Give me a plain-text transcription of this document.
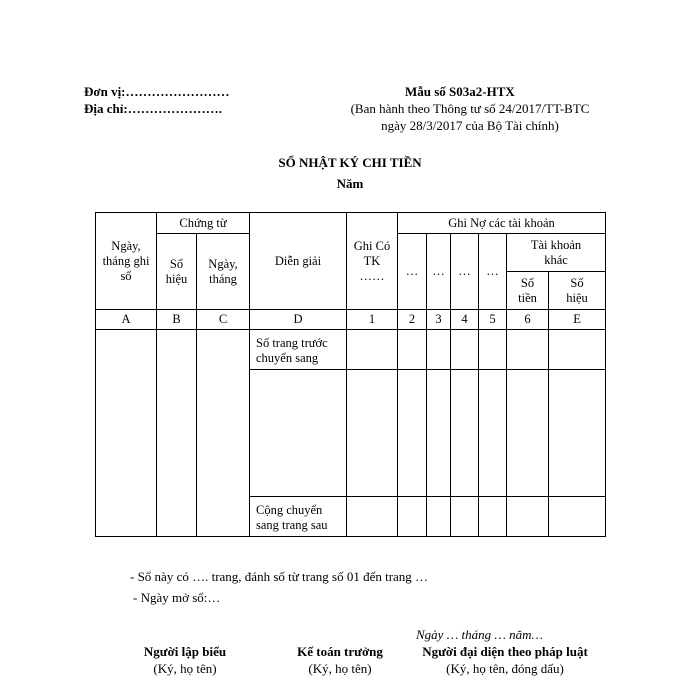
Đơn vị:……………………
Địa chỉ:………………….
Mẫu số S03a2-HTX
(Ban hành theo Thông tư số 24/2017/TT-BTC
ngày 28/3/2017 của Bộ Tài chính)
SỔ NHẬT KÝ CHI TIỀN
Năm
Ngày, tháng ghi sổ	Chứng từ		Diễn giải	Ghi Có TK ……	Ghi Nợ các tài khoản					
	Số hiệu	Ngày, tháng			…	…	…	…	Tài khoản khác	
									Số tiền	Số hiệu
A	B	C	D	1	2	3	4	5	6	E
			Số trang trước chuyển sang							

			Cộng chuyển sang trang sau							
- Sổ này có …. trang, đánh số từ trang số 01 đến trang …
- Ngày mở sổ:…
Ngày … tháng … năm…
Người lập biểu
(Ký, họ tên)
Kế toán trưởng
(Ký, họ tên)
Người đại diện theo pháp luật
(Ký, họ tên, đóng dấu)
